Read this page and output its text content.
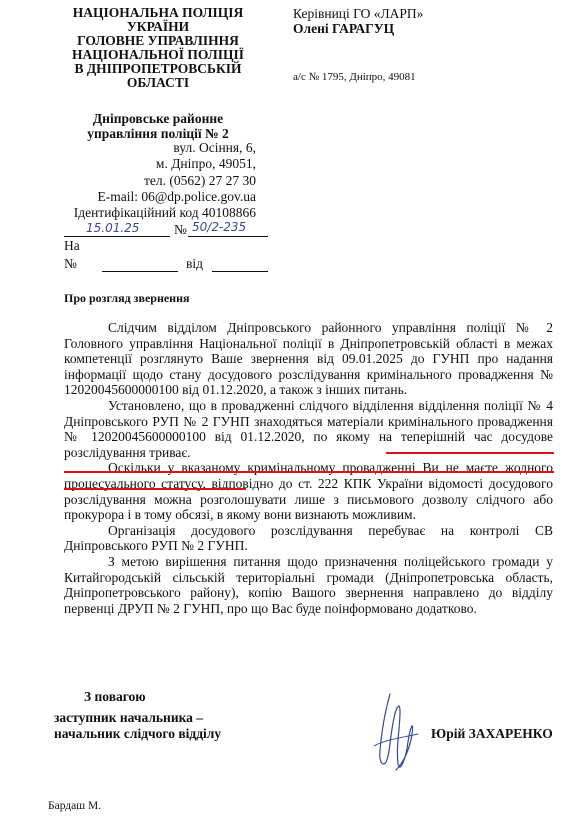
НАЦІОНАЛЬНА ПОЛІЦІЯ
УКРАЇНИ
ГОЛОВНЕ УПРАВЛІННЯ
НАЦІОНАЛЬНОЇ ПОЛІЦІЇ
В ДНІПРОПЕТРОВСЬКІЙ
ОБЛАСТІ
Дніпровське районне
управління поліції № 2
вул. Осіння, 6,
м. Дніпро, 49051,
тел. (0562) 27 27 30
E-mail: 06@dp.police.gov.ua
Ідентифікаційний код 40108866
Керівниці ГО «ЛАРП»
Олені ГАРАГУЦ
а/с № 1795, Дніпро, 49081
15.01.25	№ 50/2-235
На
№	від
Про розгляд звернення

Слідчим відділом Дніпровського районного управління поліції № 2 Головного управління Національної поліції в Дніпропетровській області в межах компетенції розглянуто Ваше звернення від 09.01.2025 до ГУНП про надання інформації щодо стану досудового розслідування кримінального провадження № 12020045600000100 від 01.12.2020, а також з інших питань.

Установлено, що в провадженні слідчого відділення відділення поліції № 4 Дніпровського РУП № 2 ГУНП знаходяться матеріали кримінального провадження № 12020045600000100 від 01.12.2020, по якому на теперішній час досудове розслідування триває.

Оскільки у вказаному кримінальному провадженні Ви не маєте жодного процесуального статусу, відповідно до ст. 222 КПК України відомості досудового розслідування можна розголошувати лише з письмового дозволу слідчого або прокурора і в тому обсязі, в якому вони визнають можливим.

Організація досудового розслідування перебуває на контролі СВ Дніпровського РУП № 2 ГУНП.

З метою вирішення питання щодо призначення поліцейського громади у Китайгородській сільській територіальні громади (Дніпропетровська область, Дніпропетровського району), копію Вашого звернення направлено до відділу первенці ДРУП № 2 ГУНП, про що Вас буде поінформовано додатково.

З повагою
заступник начальника –
начальник слідчого відділу	Юрій ЗАХАРЕНКО
Бардаш М.
